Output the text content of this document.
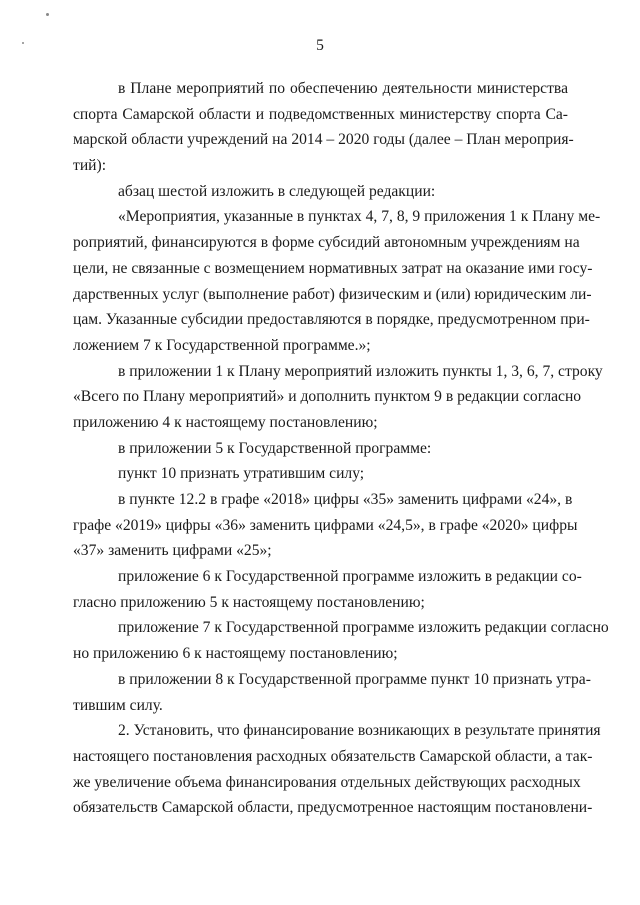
5
в Плане мероприятий по обеспечению деятельности министерства
спорта Самарской области и подведомственных министерству спорта Са-
марской области учреждений на 2014 – 2020 годы (далее – План мероприя-
тий):
абзац шестой изложить в следующей редакции:
«Мероприятия, указанные в пунктах 4, 7, 8, 9 приложения 1 к Плану ме-
роприятий, финансируются в форме субсидий автономным учреждениям на
цели, не связанные с возмещением нормативных затрат на оказание ими госу-
дарственных услуг (выполнение работ) физическим и (или) юридическим ли-
цам. Указанные субсидии предоставляются в порядке, предусмотренном при-
ложением 7 к Государственной программе.»;
в приложении 1 к Плану мероприятий изложить пункты 1, 3, 6, 7, строку
«Всего по Плану мероприятий» и дополнить пунктом 9 в редакции согласно
приложению 4 к настоящему постановлению;
в приложении 5 к Государственной программе:
пункт 10 признать утратившим силу;
в пункте 12.2 в графе «2018» цифры «35» заменить цифрами «24», в
графе «2019» цифры «36» заменить цифрами «24,5», в графе «2020» цифры
«37» заменить цифрами «25»;
приложение 6 к Государственной программе изложить в редакции со-
гласно приложению 5 к настоящему постановлению;
приложение 7 к Государственной программе изложить редакции согласно
но приложению 6 к настоящему постановлению;
в приложении 8 к Государственной программе пункт 10 признать утра-
тившим силу.
2. Установить, что финансирование возникающих в результате принятия
настоящего постановления расходных обязательств Самарской области, а так-
же увеличение объема финансирования отдельных действующих расходных
обязательств Самарской области, предусмотренное настоящим постановлени-
